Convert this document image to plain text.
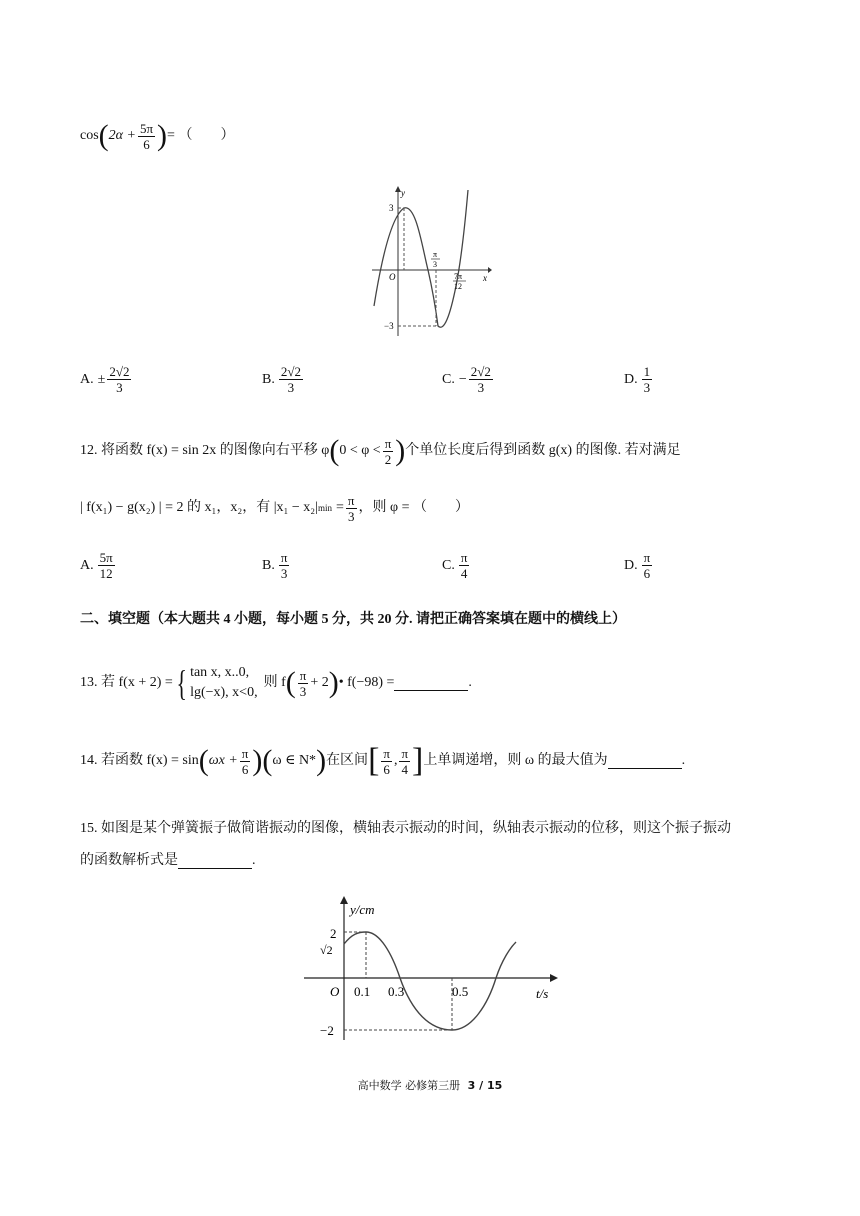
cos ( $2\alpha + \frac{5\pi}{6}$ ) = （　　）
y
x
O
3
−3
π
3
7π
12
A. ± $\frac{2√2}{3}$	B. $\frac{2√2}{3}$	C. − $\frac{2√2}{3}$	D. $\frac{1}{3}$
12. 将函数 f(x) = sin 2x 的图像向右平移 φ ( $0 < \varphi < \frac{\pi}{2}$ ) 个单位长度后得到函数 g(x) 的图像. 若对满足
| f(x₁) − g(x₂) | = 2 的 x₁，x₂，有 |x₁ − x₂| $\min = \frac{\pi}{3}$ ，则 φ = （　　）
A. $\frac{5\pi}{12}$	B. $\frac{\pi}{3}$	C. $\frac{\pi}{4}$	D. $\frac{\pi}{6}$
二、填空题（本大题共 4 小题，每小题 5 分，共 20 分. 请把正确答案填在题中的横线上）
13. 若 f(x + 2) = { tan x, x..0,
lg(−x), x<0,
则 f ( $\frac{\pi}{3} + 2$ ) • f(−98) =	.
14. 若函数 f(x) = sin ( $\omega x + \frac{\pi}{6}$ ) ( ω ∈ N* ) 在区间 [ $\frac{\pi}{6}$ , $\frac{\pi}{4}$ ] 上单调递增，则 ω 的最大值为	.
15. 如图是某个弹簧振子做简谐振动的图像，横轴表示振动的时间，纵轴表示振动的位移，则这个振子振动
的函数解析式是	.
y/cm
t/s
O
2
√2
−2
0.1 0.3	0.5
高中数学 必修第三册 3 / 15
